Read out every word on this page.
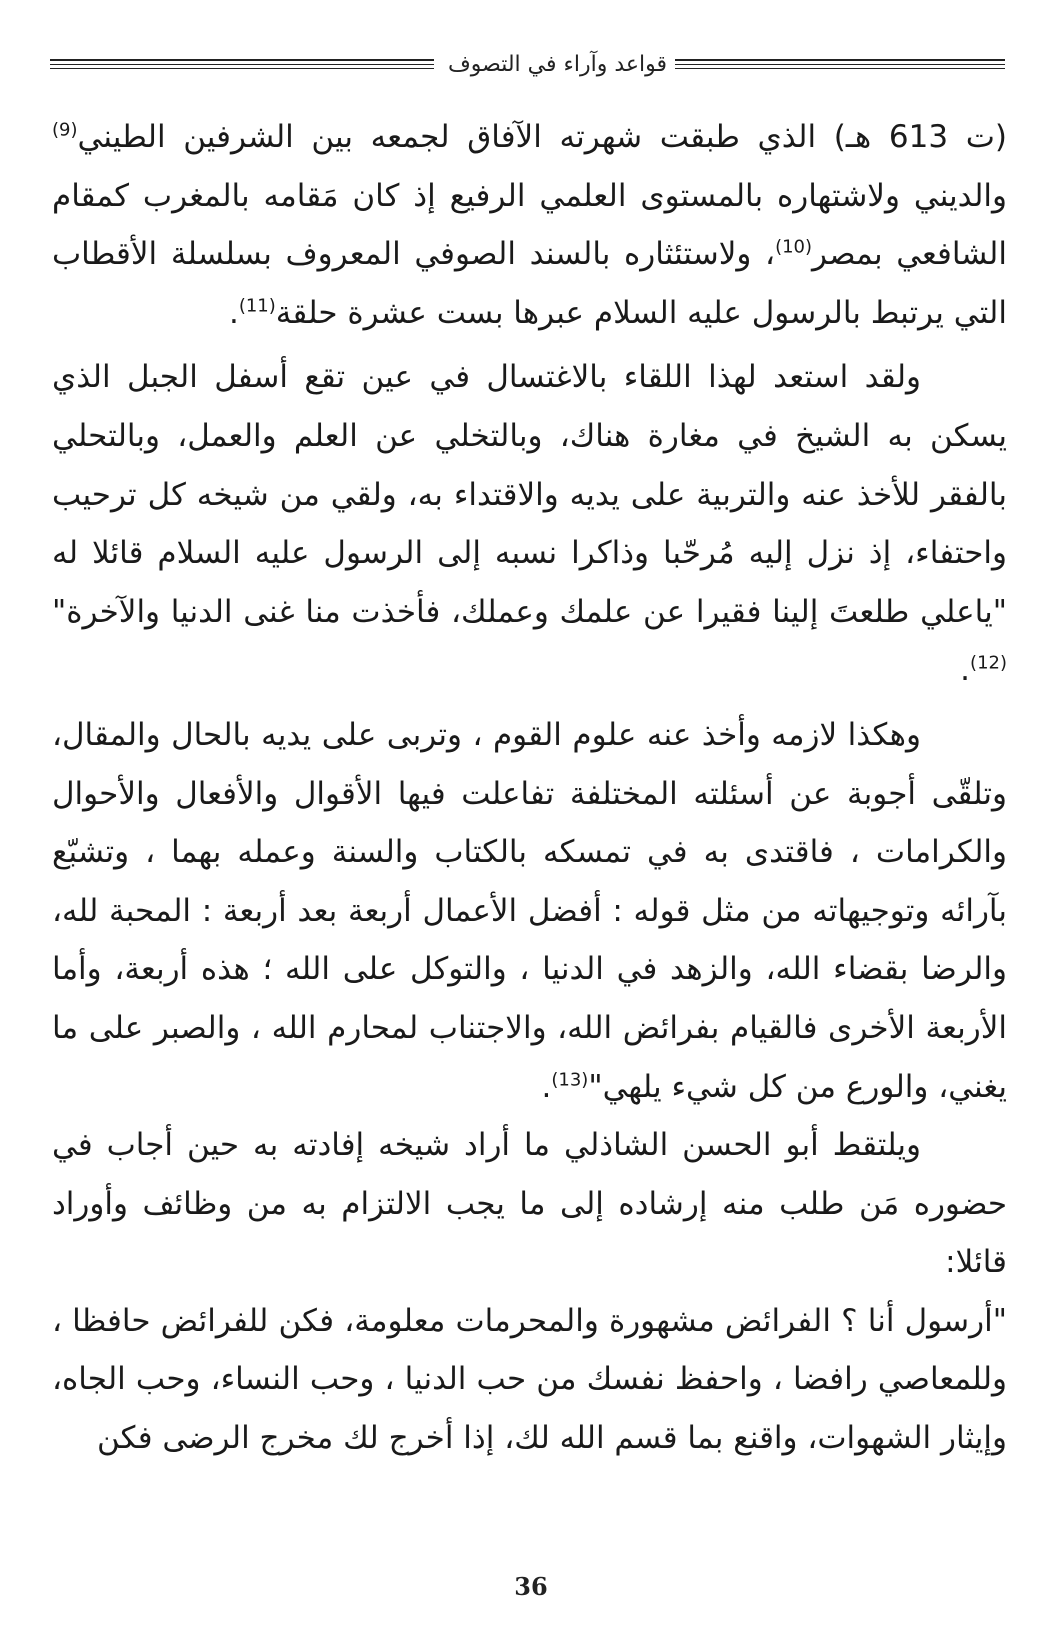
قواعد وآراء في التصوف

(ت 613 هـ) الذي طبقت شهرته الآفاق لجمعه بين الشرفين الطيني$^{(9)}$ والديني ولاشتهاره بالمستوى العلمي الرفيع إذ كان مَقامه بالمغرب كمقام الشافعي بمصر$^{(10)}$، ولاستئثاره بالسند الصوفي المعروف بسلسلة الأقطاب التي يرتبط بالرسول عليه السلام عبرها بست عشرة حلقة$^{(11)}$.

ولقد استعد لهذا اللقاء بالاغتسال في عين تقع أسفل الجبل الذي يسكن به الشيخ في مغارة هناك، وبالتخلي عن العلم والعمل، وبالتحلي بالفقر للأخذ عنه والتربية على يديه والاقتداء به، ولقي من شيخه كل ترحيب واحتفاء، إذ نزل إليه مُرحّبا وذاكرا نسبه إلى الرسول عليه السلام قائلا له "ياعلي طلعتَ إلينا فقيرا عن علمك وعملك، فأخذت منا غنى الدنيا والآخرة"$^{(12)}$.

وهكذا لازمه وأخذ عنه علوم القوم ، وتربى على يديه بالحال والمقال، وتلقّى أجوبة عن أسئلته المختلفة تفاعلت فيها الأقوال والأفعال والأحوال والكرامات ، فاقتدى به في تمسكه بالكتاب والسنة وعمله بهما ، وتشبّع بآرائه وتوجيهاته من مثل قوله : أفضل الأعمال أربعة بعد أربعة : المحبة لله، والرضا بقضاء الله، والزهد في الدنيا ، والتوكل على الله ؛ هذه أربعة، وأما الأربعة الأخرى فالقيام بفرائض الله، والاجتناب لمحارم الله ، والصبر على ما يغني، والورع من كل شيء يلهي"$^{(13)}$.

ويلتقط أبو الحسن الشاذلي ما أراد شيخه إفادته به حين أجاب في حضوره مَن طلب منه إرشاده إلى ما يجب الالتزام به من وظائف وأوراد قائلا:

"أرسول أنا ؟ الفرائض مشهورة والمحرمات معلومة، فكن للفرائض حافظا ، وللمعاصي رافضا ، واحفظ نفسك من حب الدنيا ، وحب النساء، وحب الجاه، وإيثار الشهوات، واقنع بما قسم الله لك، إذا أخرج لك مخرج الرضى فكن

36
